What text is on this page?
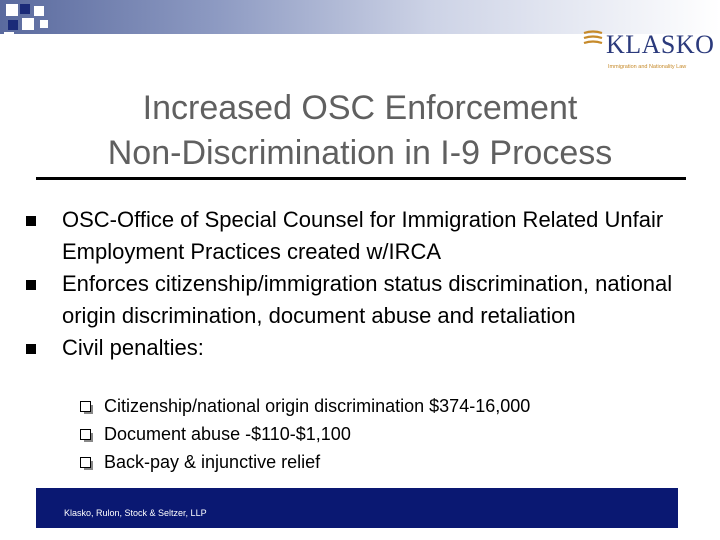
KLASKO
Immigration and Nationality Law
Increased OSC Enforcement
Non-Discrimination in I-9 Process
OSC-Office of Special Counsel for Immigration Related Unfair Employment Practices created w/IRCA
Enforces citizenship/immigration status discrimination, national origin discrimination, document abuse and retaliation
Civil penalties:
Citizenship/national origin discrimination $374-16,000
Document abuse -$110-$1,100
Back-pay & injunctive relief
Klasko, Rulon, Stock & Seltzer, LLP
